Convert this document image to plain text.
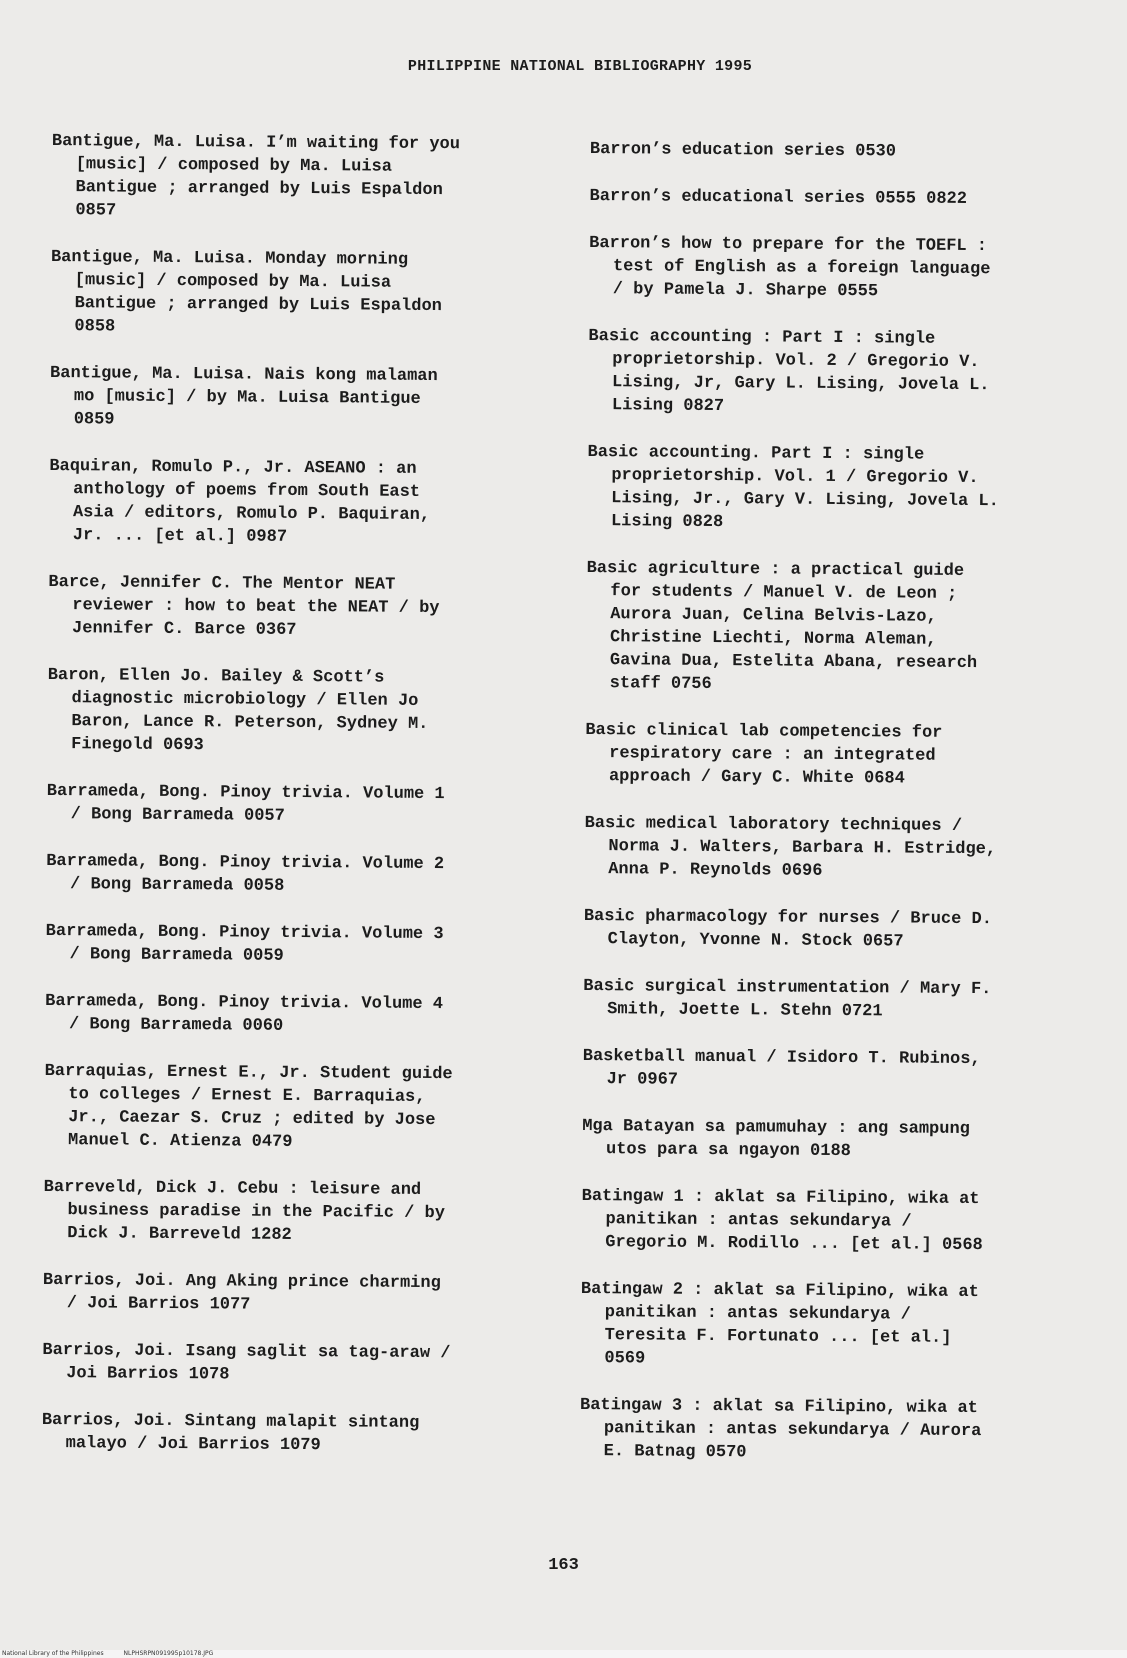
PHILIPPINE NATIONAL BIBLIOGRAPHY 1995

Bantigue, Ma. Luisa. I’m waiting for you
[music] / composed by Ma. Luisa
Bantigue ; arranged by Luis Espaldon
0857

Bantigue, Ma. Luisa. Monday morning
[music] / composed by Ma. Luisa
Bantigue ; arranged by Luis Espaldon
0858

Bantigue, Ma. Luisa. Nais kong malaman
mo [music] / by Ma. Luisa Bantigue
0859

Baquiran, Romulo P., Jr. ASEANO : an
anthology of poems from South East
Asia / editors, Romulo P. Baquiran,
Jr. ... [et al.] 0987

Barce, Jennifer C. The Mentor NEAT
reviewer : how to beat the NEAT / by
Jennifer C. Barce 0367

Baron, Ellen Jo. Bailey & Scott’s
diagnostic microbiology / Ellen Jo
Baron, Lance R. Peterson, Sydney M.
Finegold 0693

Barrameda, Bong. Pinoy trivia. Volume 1
/ Bong Barrameda 0057

Barrameda, Bong. Pinoy trivia. Volume 2
/ Bong Barrameda 0058

Barrameda, Bong. Pinoy trivia. Volume 3
/ Bong Barrameda 0059

Barrameda, Bong. Pinoy trivia. Volume 4
/ Bong Barrameda 0060

Barraquias, Ernest E., Jr. Student guide
to colleges / Ernest E. Barraquias,
Jr., Caezar S. Cruz ; edited by Jose
Manuel C. Atienza 0479

Barreveld, Dick J. Cebu : leisure and
business paradise in the Pacific / by
Dick J. Barreveld 1282

Barrios, Joi. Ang Aking prince charming
/ Joi Barrios 1077

Barrios, Joi. Isang saglit sa tag-araw /
Joi Barrios 1078

Barrios, Joi. Sintang malapit sintang
malayo / Joi Barrios 1079

Barron’s education series 0530

Barron’s educational series 0555 0822

Barron’s how to prepare for the TOEFL :
test of English as a foreign language
/ by Pamela J. Sharpe 0555

Basic accounting : Part I : single
proprietorship. Vol. 2 / Gregorio V.
Lising, Jr, Gary L. Lising, Jovela L.
Lising 0827

Basic accounting. Part I : single
proprietorship. Vol. 1 / Gregorio V.
Lising, Jr., Gary V. Lising, Jovela L.
Lising 0828

Basic agriculture : a practical guide
for students / Manuel V. de Leon ;
Aurora Juan, Celina Belvis-Lazo,
Christine Liechti, Norma Aleman,
Gavina Dua, Estelita Abana, research
staff 0756

Basic clinical lab competencies for
respiratory care : an integrated
approach / Gary C. White 0684

Basic medical laboratory techniques /
Norma J. Walters, Barbara H. Estridge,
Anna P. Reynolds 0696

Basic pharmacology for nurses / Bruce D.
Clayton, Yvonne N. Stock 0657

Basic surgical instrumentation / Mary F.
Smith, Joette L. Stehn 0721

Basketball manual / Isidoro T. Rubinos,
Jr 0967

Mga Batayan sa pamumuhay : ang sampung
utos para sa ngayon 0188

Batingaw 1 : aklat sa Filipino, wika at
panitikan : antas sekundarya /
Gregorio M. Rodillo ... [et al.] 0568

Batingaw 2 : aklat sa Filipino, wika at
panitikan : antas sekundarya /
Teresita F. Fortunato ... [et al.]
0569

Batingaw 3 : aklat sa Filipino, wika at
panitikan : antas sekundarya / Aurora
E. Batnag 0570

163
National Library of the Philippines	NLPHSRPN091995p10178.JPG
